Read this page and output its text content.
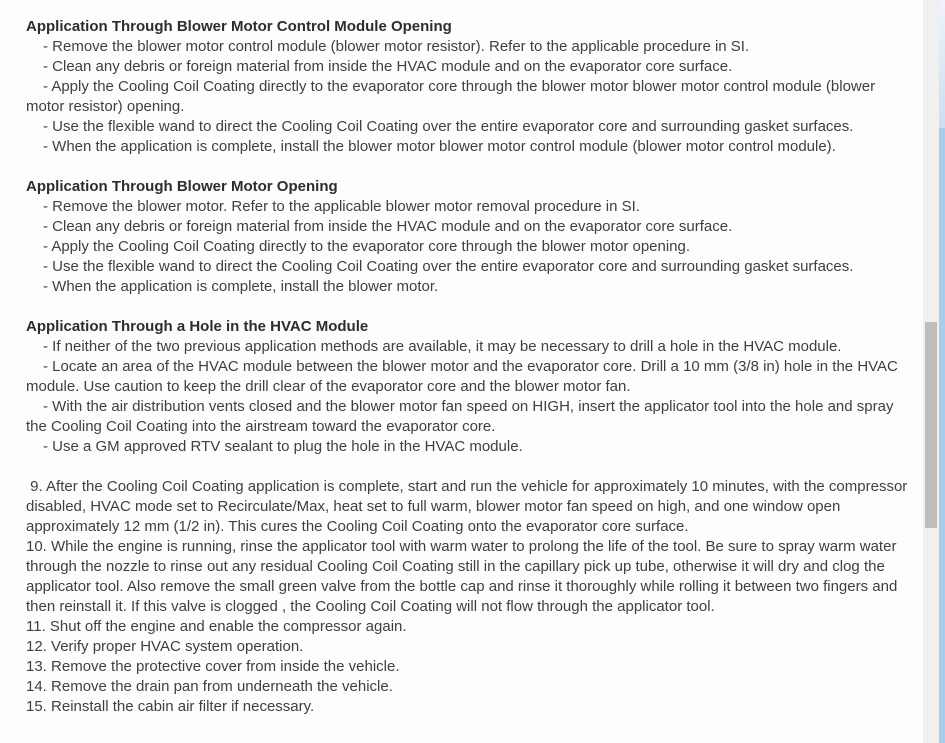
Application Through Blower Motor Control Module Opening

- Remove the blower motor control module (blower motor resistor). Refer to the applicable procedure in SI.

- Clean any debris or foreign material from inside the HVAC module and on the evaporator core surface.

- Apply the Cooling Coil Coating directly to the evaporator core through the blower motor blower motor control module (blower motor resistor) opening.

- Use the flexible wand to direct the Cooling Coil Coating over the entire evaporator core and surrounding gasket surfaces.

- When the application is complete, install the blower motor blower motor control module (blower motor control module).

Application Through Blower Motor Opening

- Remove the blower motor. Refer to the applicable blower motor removal procedure in SI.

- Clean any debris or foreign material from inside the HVAC module and on the evaporator core surface.

- Apply the Cooling Coil Coating directly to the evaporator core through the blower motor opening.

- Use the flexible wand to direct the Cooling Coil Coating over the entire evaporator core and surrounding gasket surfaces.

- When the application is complete, install the blower motor.

Application Through a Hole in the HVAC Module

- If neither of the two previous application methods are available, it may be necessary to drill a hole in the HVAC module.

- Locate an area of the HVAC module between the blower motor and the evaporator core. Drill a 10 mm (3/8 in) hole in the HVAC module. Use caution to keep the drill clear of the evaporator core and the blower motor fan.

- With the air distribution vents closed and the blower motor fan speed on HIGH, insert the applicator tool into the hole and spray the Cooling Coil Coating into the airstream toward the evaporator core.

- Use a GM approved RTV sealant to plug the hole in the HVAC module.

9. After the Cooling Coil Coating application is complete, start and run the vehicle for approximately 10 minutes, with the compressor disabled, HVAC mode set to Recirculate/Max, heat set to full warm, blower motor fan speed on high, and one window open approximately 12 mm (1/2 in). This cures the Cooling Coil Coating onto the evaporator core surface.

10. While the engine is running, rinse the applicator tool with warm water to prolong the life of the tool. Be sure to spray warm water through the nozzle to rinse out any residual Cooling Coil Coating still in the capillary pick up tube, otherwise it will dry and clog the applicator tool. Also remove the small green valve from the bottle cap and rinse it thoroughly while rolling it between two fingers and then reinstall it. If this valve is clogged , the Cooling Coil Coating will not flow through the applicator tool.

11. Shut off the engine and enable the compressor again.

12. Verify proper HVAC system operation.

13. Remove the protective cover from inside the vehicle.

14. Remove the drain pan from underneath the vehicle.

15. Reinstall the cabin air filter if necessary.
